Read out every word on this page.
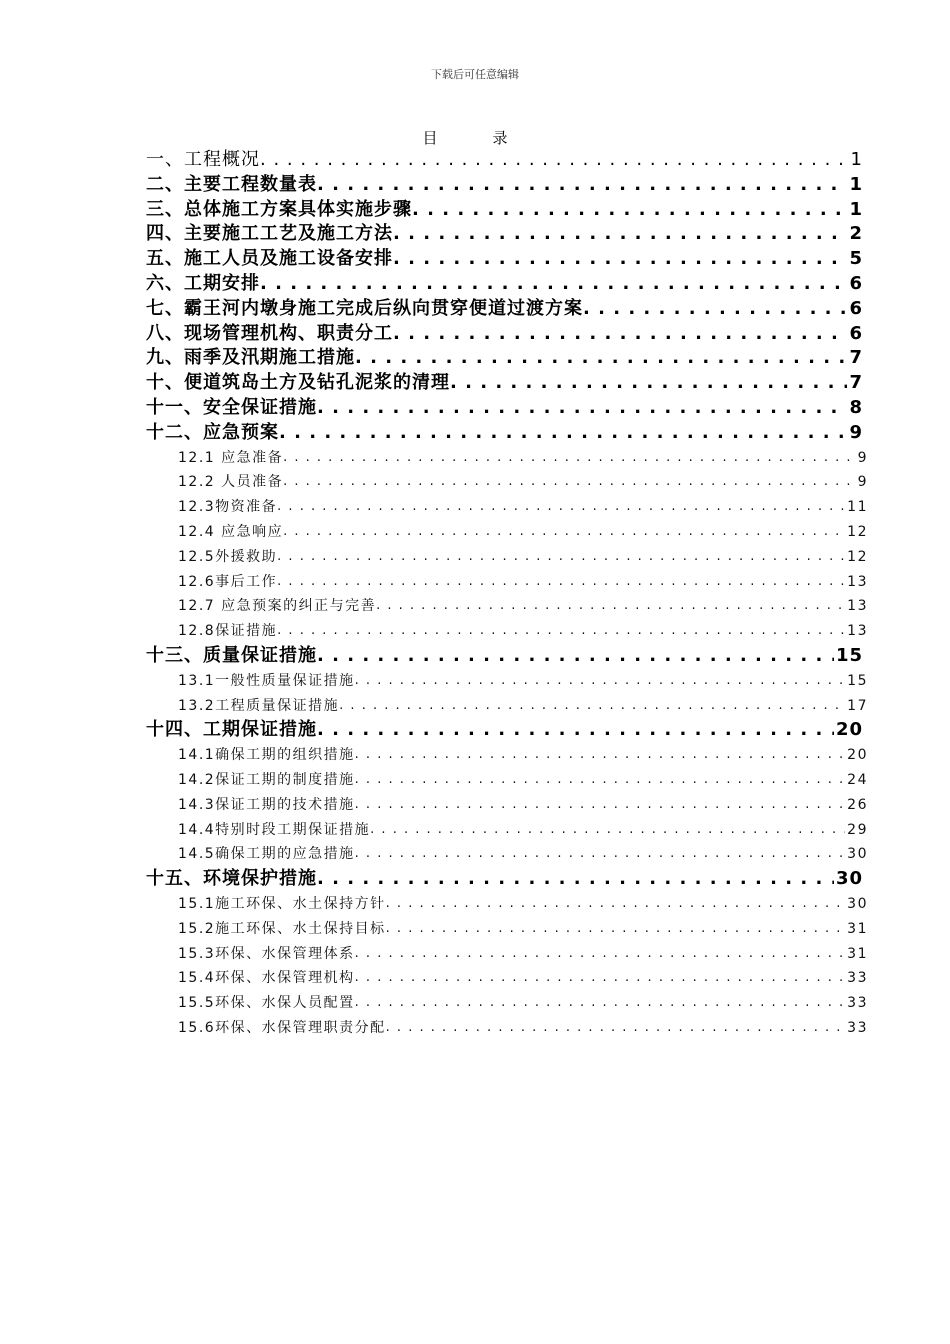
下载后可任意编辑
目　录
一、工程概况 . . .	1
二、主要工程数量表 . . .	1
三、总体施工方案具体实施步骤 . . .	1
四、主要施工工艺及施工方法 . . .	2
五、施工人员及施工设备安排 . . .	5
六、工期安排 . . .	6
七、霸王河内墩身施工完成后纵向贯穿便道过渡方案 . . .	6
八、现场管理机构、职责分工 . . .	6
九、雨季及汛期施工措施 . . .	7
十、便道筑岛土方及钻孔泥浆的清理 . . .	7
十一、安全保证措施 . . .	8
十二、应急预案 . . .	9
12.1 应急准备 . . .	9
12.2 人员准备 . . .	9
12.3物资准备 . . .	11
12.4 应急响应 . . .	12
12.5外援救助 . . .	12
12.6事后工作 . . .	13
12.7 应急预案的纠正与完善 . . .	13
12.8保证措施 . . .	13
十三、质量保证措施 . . .	15
13.1一般性质量保证措施 . . .	15
13.2工程质量保证措施 . . .	17
十四、工期保证措施 . . .	20
14.1确保工期的组织措施 . . .	20
14.2保证工期的制度措施 . . .	24
14.3保证工期的技术措施 . . .	26
14.4特别时段工期保证措施 . . .	29
14.5确保工期的应急措施 . . .	30
十五、环境保护措施 . . .	30
15.1施工环保、水土保持方针 . . .	30
15.2施工环保、水土保持目标 . . .	31
15.3环保、水保管理体系 . . .	31
15.4环保、水保管理机构 . . .	33
15.5环保、水保人员配置 . . .	33
15.6环保、水保管理职责分配 . . .	33
